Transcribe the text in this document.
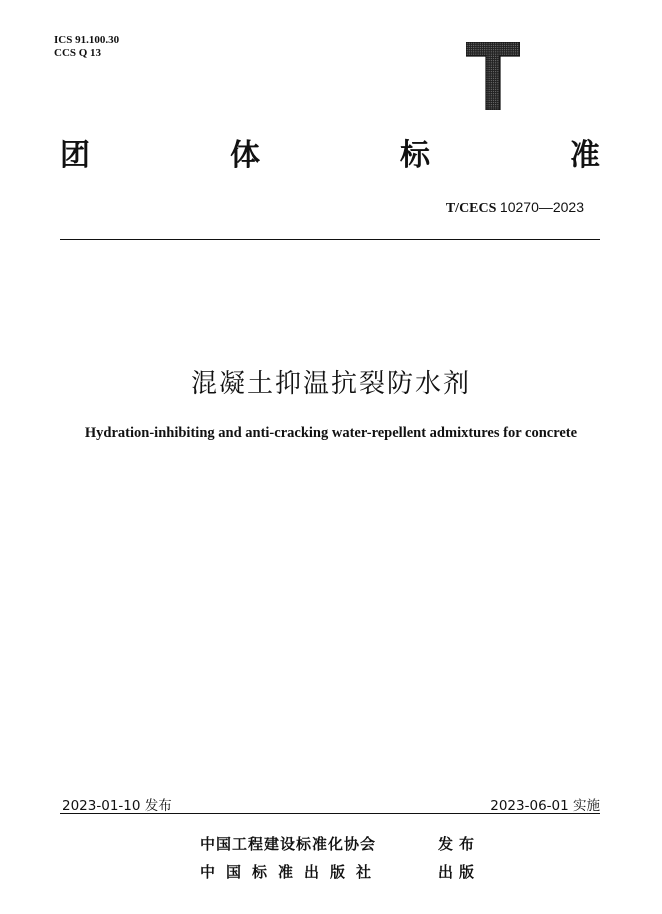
ICS 91.100.30
CCS Q 13
团	体	标	准
T/CECS 10270—2023
混凝土抑温抗裂防水剂
Hydration-inhibiting and anti-cracking water-repellent admixtures for concrete
2023-01-10 发布	2023-06-01 实施
中国工程建设标准化协会	发布
中国标准出版社	出版
